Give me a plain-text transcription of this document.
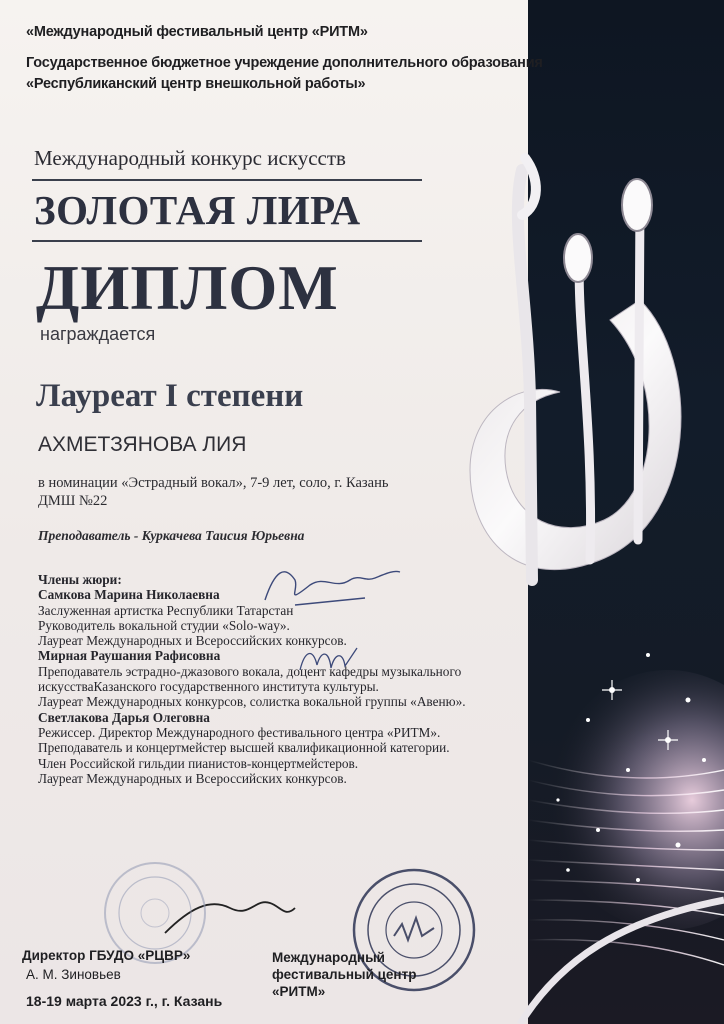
«Международный фестивальный центр «РИТМ»
Государственное бюджетное учреждение дополнительного образования
«Республиканский центр внешкольной работы»
Международный конкурс искусств
ЗОЛОТАЯ ЛИРА
ДИПЛОМ
награждается
Лауреат I степени
АХМЕТЗЯНОВА ЛИЯ
в номинации «Эстрадный вокал», 7-9 лет, соло, г. Казань
ДМШ №22
Преподаватель - Куркачева Таисия Юрьевна
Члены жюри:
Самкова Марина Николаевна
Заслуженная артистка Республики Татарстан
Руководитель вокальной студии «Solo-way».
Лауреат Международных и Всероссийских конкурсов.
Мирная Раушания Рафисовна
Преподаватель эстрадно-джазового вокала, доцент кафедры музыкального
искусстваКазанского государственного института культуры.
Лауреат Международных конкурсов, солистка вокальной группы «Авеню».
Светлакова Дарья Олеговна
Режиссер. Директор Международного фестивального центра «РИТМ».
Преподаватель и концертмейстер высшей квалификационной категории.
Член Российской гильдии пианистов-концертмейстеров.
Лауреат Международных и Всероссийских конкурсов.
Директор ГБУДО «РЦВР»
А. М. Зиновьев
Международный
фестивальный центр
«РИТМ»
18-19 марта 2023 г., г. Казань
